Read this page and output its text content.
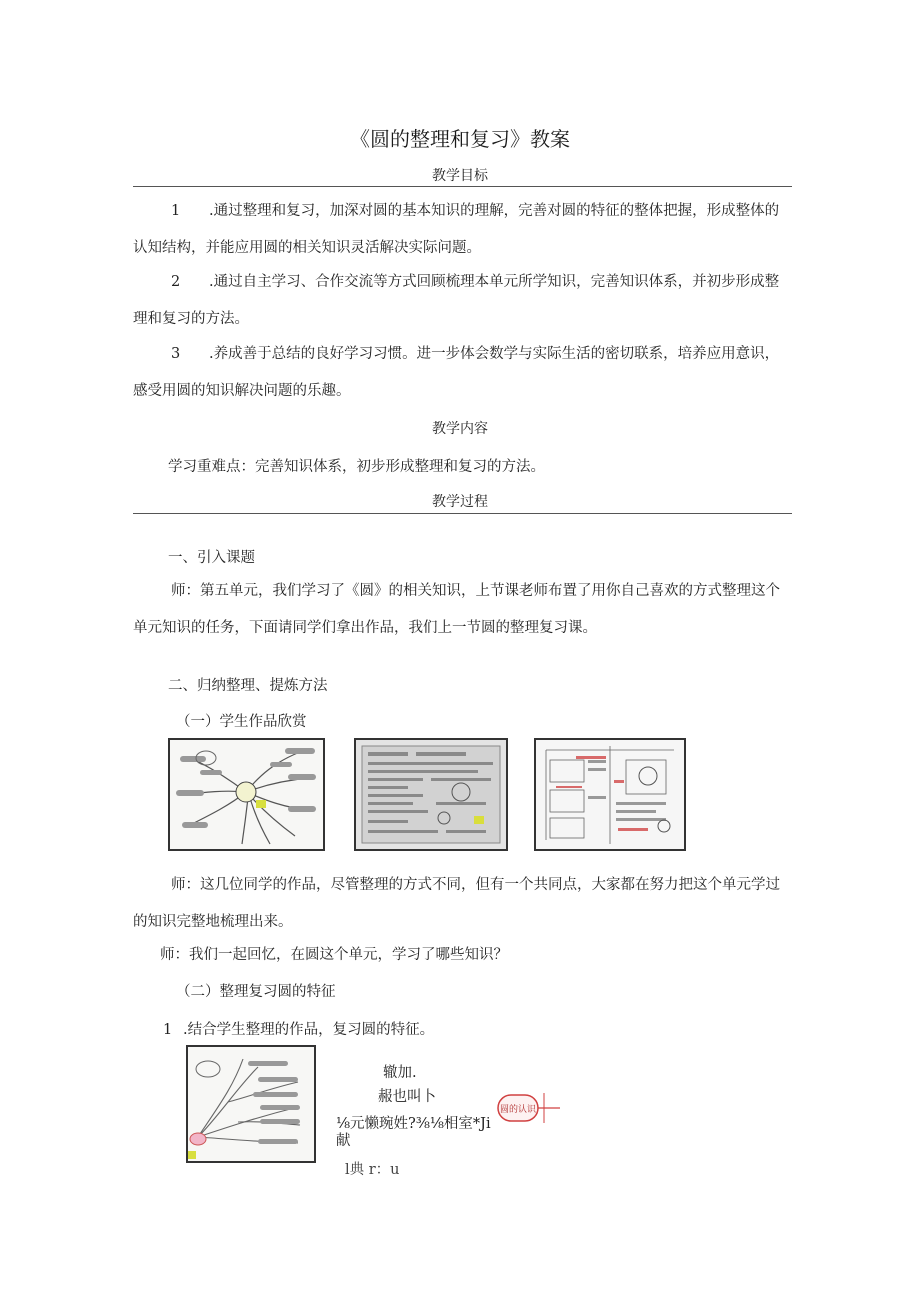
《圆的整理和复习》教案
教学目标
1 .通过整理和复习，加深对圆的基本知识的理解，完善对圆的特征的整体把握，形成整体的认知结构，并能应用圆的相关知识灵活解决实际问题。
2 .通过自主学习、合作交流等方式回顾梳理本单元所学知识，完善知识体系，并初步形成整理和复习的方法。
3 .养成善于总结的良好学习习惯。进一步体会数学与实际生活的密切联系，培养应用意识，感受用圆的知识解决问题的乐趣。
教学内容
学习重难点：完善知识体系，初步形成整理和复习的方法。
教学过程
一、引入课题
师：第五单元，我们学习了《圆》的相关知识，上节课老师布置了用你自己喜欢的方式整理这个单元知识的任务，下面请同学们拿出作品，我们上一节圆的整理复习课。
二、归纳整理、提炼方法
（一）学生作品欣赏
师：这几位同学的作品，尽管整理的方式不同，但有一个共同点，大家都在努力把这个单元学过的知识完整地梳理出来。
师：我们一起回忆，在圆这个单元，学习了哪些知识？
（二）整理复习圆的特征
1 .结合学生整理的作品，复习圆的特征。
辙加.
赧也叫卜
⅛元懒琬姓?⅜⅛相室*Ji
献
l典 r：u
圆的认识
